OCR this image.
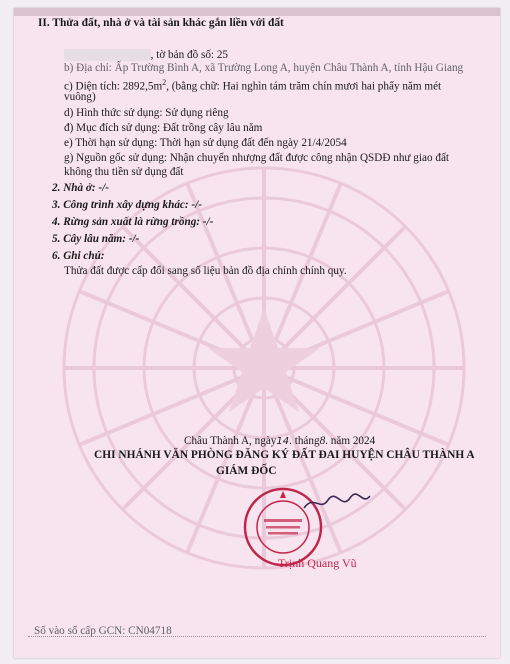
II. Thửa đất, nhà ở và tài sản khác gắn liền với đất
, tờ bản đồ số: 25
b) Địa chỉ: Ấp Trường Bình A, xã Trường Long A, huyện Châu Thành A, tỉnh Hậu Giang
c) Diện tích: $2892,5m^2$, (bằng chữ: Hai nghìn tám trăm chín mươi hai phẩy năm mét
vuông)
d) Hình thức sử dụng: Sử dụng riêng
đ) Mục đích sử dụng: Đất trồng cây lâu năm
e) Thời hạn sử dụng: Thời hạn sử dụng đất đến ngày 21/4/2054
g) Nguồn gốc sử dụng: Nhận chuyển nhượng đất được công nhận QSDĐ như giao đất
không thu tiền sử dụng đất
2. Nhà ở: -/-
3. Công trình xây dựng khác: -/-
4. Rừng sản xuất là rừng trồng: -/-
5. Cây lâu năm: -/-
6. Ghi chú:
Thửa đất được cấp đổi sang số liệu bản đồ địa chính chính quy.
Châu Thành A, ngày14. tháng8. năm 2024
CHI NHÁNH VĂN PHÒNG ĐĂNG KÝ ĐẤT ĐAI HUYỆN CHÂU THÀNH A
GIÁM ĐỐC
Trịnh Quang Vũ
Số vào sổ cấp GCN: CN04718
